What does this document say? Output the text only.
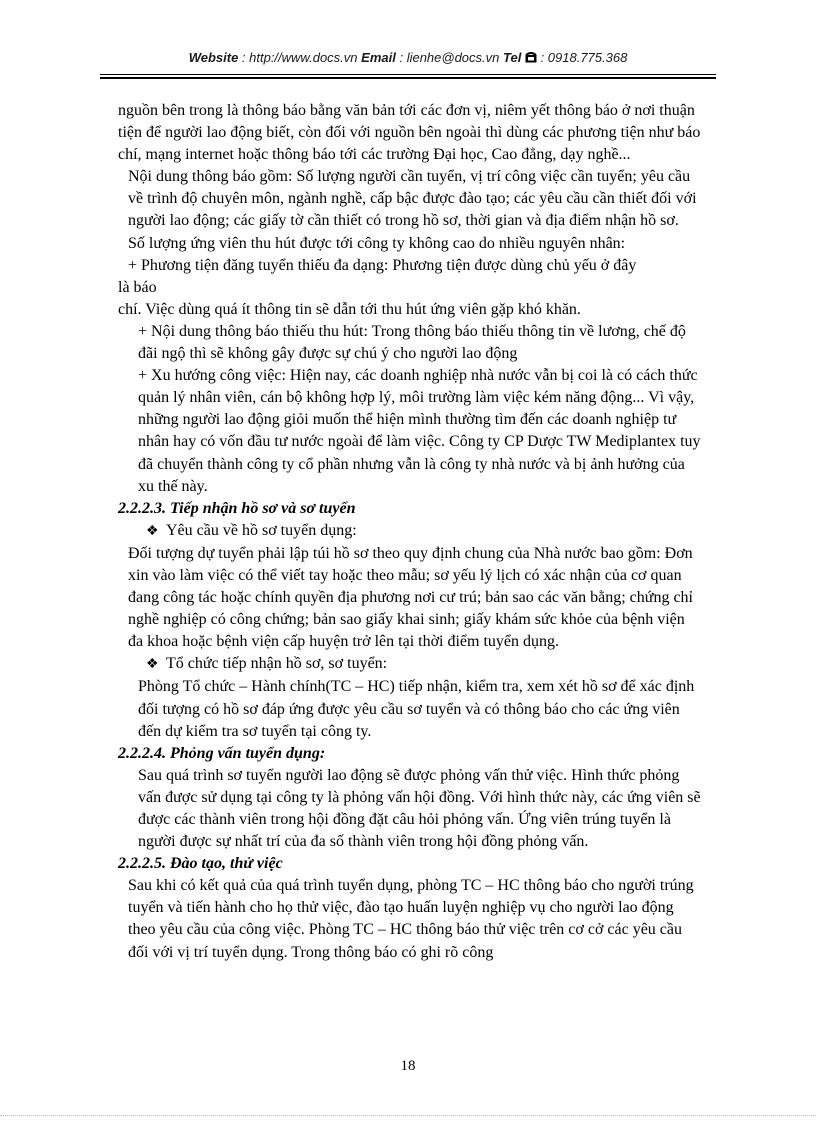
Website : http://www.docs.vn Email : lienhe@docs.vn Tel  : 0918.775.368

nguồn bên trong là thông báo bằng văn bản tới các đơn vị, niêm yết thông báo ở nơi thuận tiện để người lao động biết, còn đối với nguồn bên ngoài thì dùng các phương tiện như báo chí, mạng internet hoặc thông báo tới các trường Đại học, Cao đẳng, dạy nghề...

Nội dung thông báo gồm: Số lượng người cần tuyển, vị trí công việc cần tuyển; yêu cầu về trình độ chuyên môn, ngành nghề, cấp bậc được đào tạo; các yêu cầu cần thiết đối với người lao động; các giấy tờ cần thiết có trong hồ sơ, thời gian và địa điểm nhận hồ sơ.

Số lượng ứng viên thu hút được tới công ty không cao do nhiều nguyên nhân:

+ Phương tiện đăng tuyển thiếu đa dạng: Phương tiện được dùng chủ yếu ở đây

là báo

chí. Việc dùng quá ít thông tin sẽ dẫn tới thu hút ứng viên gặp khó khăn.

+ Nội dung thông báo thiếu thu hút: Trong thông báo thiếu thông tin về lương, chế độ đãi ngộ thì sẽ không gây được sự chú ý cho người lao động

+ Xu hướng công việc: Hiện nay, các doanh nghiệp nhà nước vẫn bị coi là có cách thức quản lý nhân viên, cán bộ không hợp lý, môi trường làm việc kém năng động... Vì vậy, những người lao động giỏi muốn thể hiện mình thường tìm đến các doanh nghiệp tư nhân hay có vốn đầu tư nước ngoài để làm việc. Công ty CP Dược TW Mediplantex tuy đã chuyển thành công ty cổ phần nhưng vẫn là công ty nhà nước và bị ảnh hưởng của xu thế này.

2.2.2.3. Tiếp nhận hồ sơ và sơ tuyển

❖ Yêu cầu về hồ sơ tuyển dụng:

Đối tượng dự tuyển phải lập túi hồ sơ theo quy định chung của Nhà nước bao gồm: Đơn xin vào làm việc có thể viết tay hoặc theo mẫu; sơ yếu lý lịch có xác nhận của cơ quan đang công tác hoặc chính quyền địa phương nơi cư trú; bản sao các văn bằng; chứng chỉ nghề nghiệp có công chứng; bản sao giấy khai sinh; giấy khám sức khỏe của bệnh viện đa khoa hoặc bệnh viện cấp huyện trở lên tại thời điểm tuyển dụng.

❖ Tổ chức tiếp nhận hồ sơ, sơ tuyển:

Phòng Tổ chức – Hành chính(TC – HC) tiếp nhận, kiểm tra, xem xét hồ sơ để xác định đối tượng có hồ sơ đáp ứng được yêu cầu sơ tuyển và có thông báo cho các ứng viên đến dự kiểm tra sơ tuyển tại công ty.

2.2.2.4. Phỏng vấn tuyển dụng:

Sau quá trình sơ tuyển người lao động sẽ được phỏng vấn thử việc. Hình thức phỏng vấn được sử dụng tại công ty là phỏng vấn hội đồng. Với hình thức này, các ứng viên sẽ được các thành viên trong hội đồng đặt câu hỏi phỏng vấn. Ứng viên trúng tuyển là người được sự nhất trí của đa số thành viên trong hội đồng phỏng vấn.

2.2.2.5. Đào tạo, thử việc

Sau khi có kết quả của quá trình tuyển dụng, phòng TC – HC thông báo cho người trúng tuyển và tiến hành cho họ thử việc, đào tạo huấn luyện nghiệp vụ cho người lao động theo yêu cầu của công việc. Phòng TC – HC thông báo thử việc trên cơ cở các yêu cầu đối với vị trí tuyển dụng. Trong thông báo có ghi rõ công

18
